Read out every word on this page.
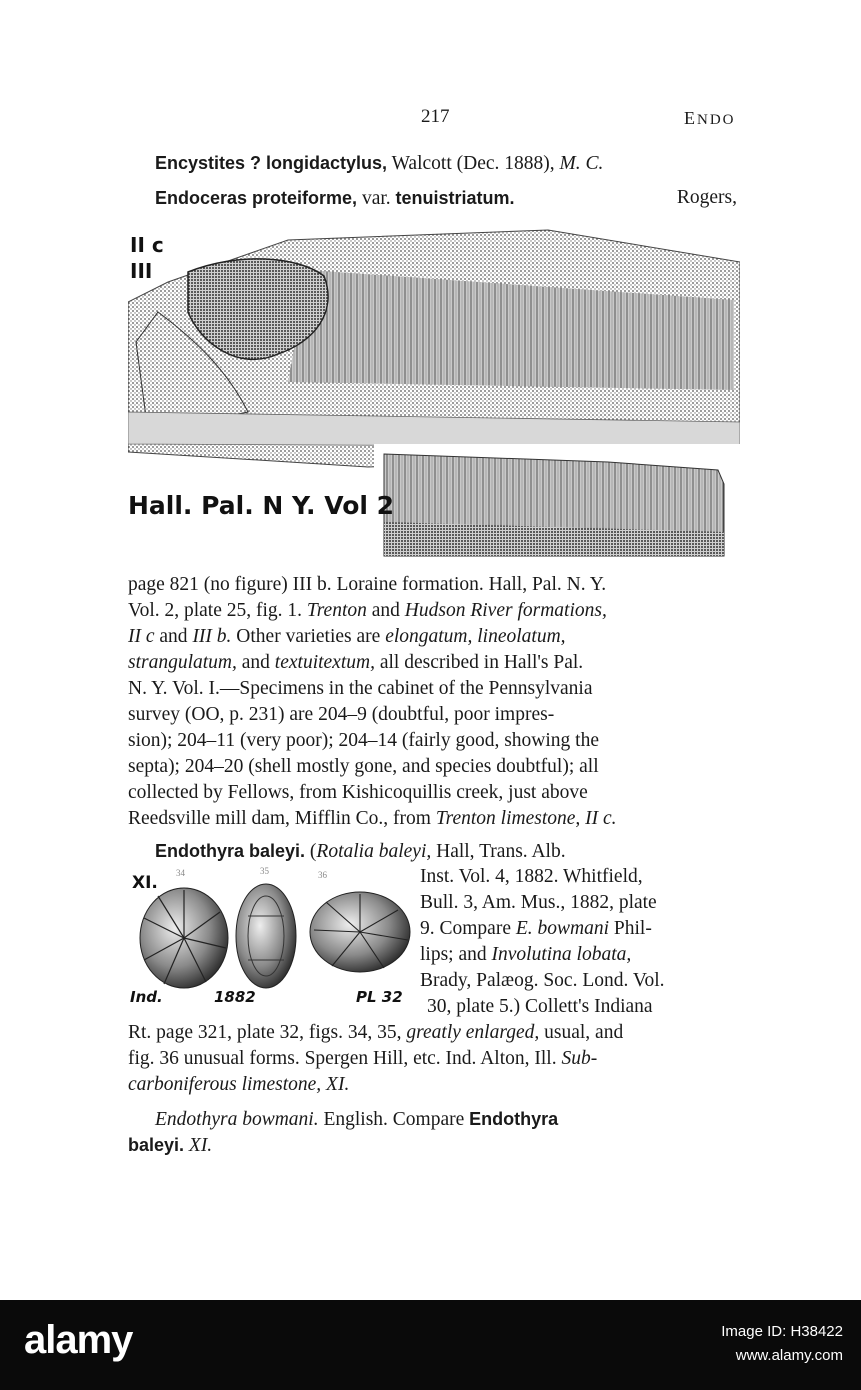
217	ENDO
Encystites ? longidactylus, Walcott (Dec. 1888), M. C.
Endoceras proteiforme, var. tenuistriatum.	Rogers,
II c
III
Hall. Pal. N Y. Vol 2
page 821 (no figure) III b. Loraine formation. Hall, Pal. N. Y.
Vol. 2, plate 25, fig. 1. Trenton and Hudson River formations,
II c and III b. Other varieties are elongatum, lineolatum,
strangulatum, and textuitextum, all described in Hall's Pal.
N. Y. Vol. I.—Specimens in the cabinet of the Pennsylvania
survey (OO, p. 231) are 204–9 (doubtful, poor impres-
sion); 204–11 (very poor); 204–14 (fairly good, showing the
septa); 204–20 (shell mostly gone, and species doubtful); all
collected by Fellows, from Kishicoquillis creek, just above
Reedsville mill dam, Mifflin Co., from Trenton limestone, II c.
Endothyra baleyi. (Rotalia baleyi, Hall, Trans. Alb.
Inst. Vol. 4, 1882. Whitfield,
Bull. 3, Am. Mus., 1882, plate
9. Compare E. bowmani Phil-
lips; and Involutina lobata,
Brady, Palæog. Soc. Lond. Vol.
30, plate 5.) Collett's Indiana
XI. 34	35	36
Ind.	1882	PL 32
Rt. page 321, plate 32, figs. 34, 35, greatly enlarged, usual, and
fig. 36 unusual forms. Spergen Hill, etc. Ind. Alton, Ill. Sub-
carboniferous limestone, XI.
Endothyra bowmani. English. Compare Endothyra
baleyi. XI.
alamy	Image ID: H38422
www.alamy.com
